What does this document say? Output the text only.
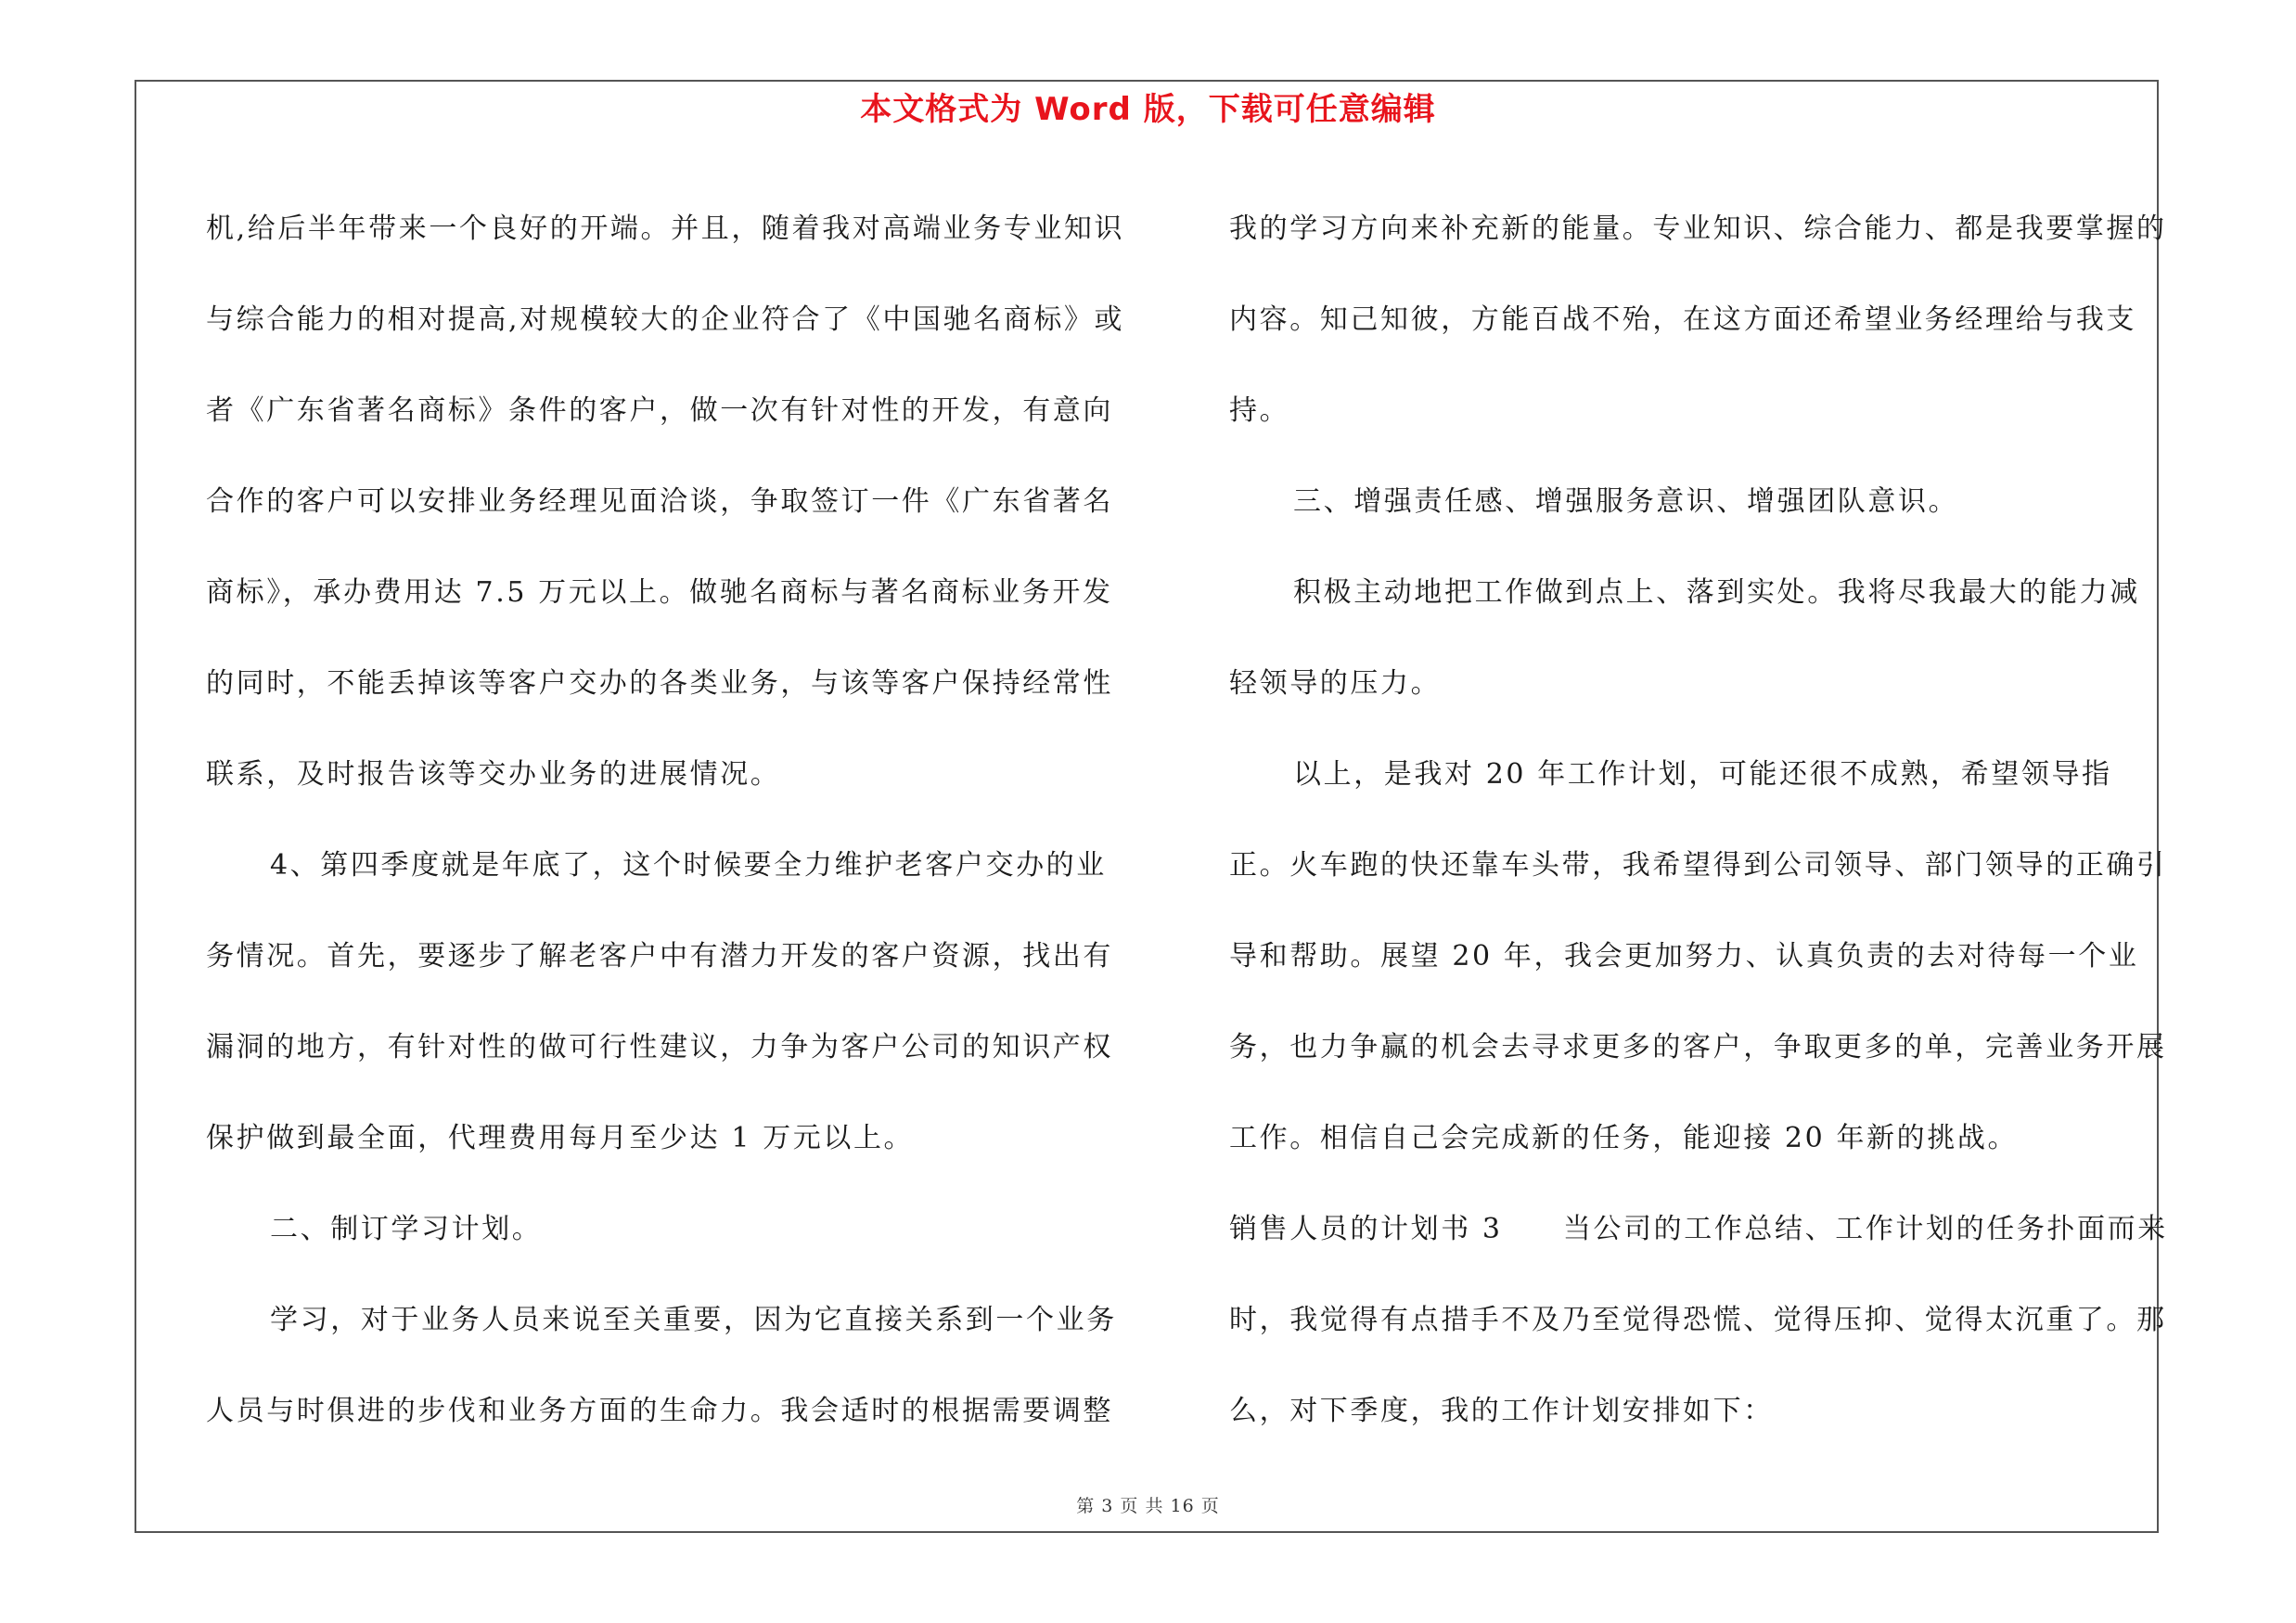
本文格式为 Word 版，下载可任意编辑

机,给后半年带来一个良好的开端。并且，随着我对高端业务专业知识与综合能力的相对提高,对规模较大的企业符合了《中国驰名商标》或者《广东省著名商标》条件的客户，做一次有针对性的开发，有意向合作的客户可以安排业务经理见面洽谈，争取签订一件《广东省著名商标》，承办费用达 7.5 万元以上。做驰名商标与著名商标业务开发的同时，不能丢掉该等客户交办的各类业务，与该等客户保持经常性联系，及时报告该等交办业务的进展情况。

4、第四季度就是年底了，这个时候要全力维护老客户交办的业务情况。首先，要逐步了解老客户中有潜力开发的客户资源，找出有漏洞的地方，有针对性的做可行性建议，力争为客户公司的知识产权保护做到最全面，代理费用每月至少达 1 万元以上。

二、制订学习计划。

学习，对于业务人员来说至关重要，因为它直接关系到一个业务人员与时俱进的步伐和业务方面的生命力。我会适时的根据需要调整

我的学习方向来补充新的能量。专业知识、综合能力、都是我要掌握的内容。知己知彼，方能百战不殆，在这方面还希望业务经理给与我支持。

三、增强责任感、增强服务意识、增强团队意识。

积极主动地把工作做到点上、落到实处。我将尽我最大的能力减轻领导的压力。

以上，是我对 20 年工作计划，可能还很不成熟，希望领导指正。火车跑的快还靠车头带，我希望得到公司领导、部门领导的正确引导和帮助。展望 20 年，我会更加努力、认真负责的去对待每一个业务，也力争赢的机会去寻求更多的客户，争取更多的单，完善业务开展工作。相信自己会完成新的任务，能迎接 20 年新的挑战。

销售人员的计划书 3　　当公司的工作总结、工作计划的任务扑面而来时，我觉得有点措手不及乃至觉得恐慌、觉得压抑、觉得太沉重了。那么，对下季度，我的工作计划安排如下：

第 3 页 共 16 页
